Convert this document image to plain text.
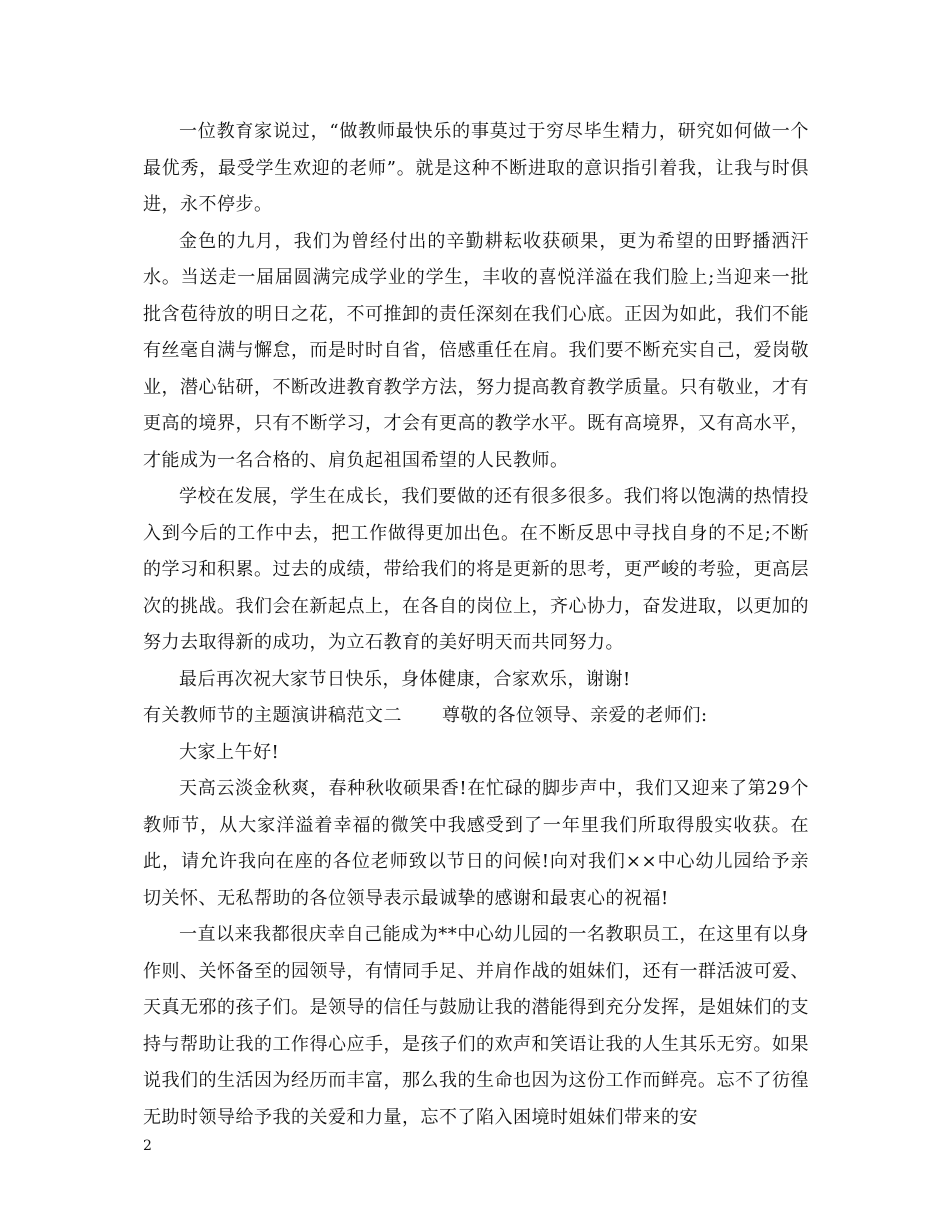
一位教育家说过，“做教师最快乐的事莫过于穷尽毕生精力，研究如何做一个最优秀，最受学生欢迎的老师”。就是这种不断进取的意识指引着我，让我与时俱进，永不停步。

金色的九月，我们为曾经付出的辛勤耕耘收获硕果，更为希望的田野播洒汗水。当送走一届届圆满完成学业的学生，丰收的喜悦洋溢在我们脸上;当迎来一批批含苞待放的明日之花，不可推卸的责任深刻在我们心底。正因为如此，我们不能有丝毫自满与懈怠，而是时时自省，倍感重任在肩。我们要不断充实自己，爱岗敬业，潜心钻研，不断改进教育教学方法，努力提高教育教学质量。只有敬业，才有更高的境界，只有不断学习，才会有更高的教学水平。既有高境界，又有高水平，才能成为一名合格的、肩负起祖国希望的人民教师。

学校在发展，学生在成长，我们要做的还有很多很多。我们将以饱满的热情投入到今后的工作中去，把工作做得更加出色。在不断反思中寻找自身的不足;不断的学习和积累。过去的成绩，带给我们的将是更新的思考，更严峻的考验，更高层次的挑战。我们会在新起点上，在各自的岗位上，齐心协力，奋发进取，以更加的努力去取得新的成功，为立石教育的美好明天而共同努力。

最后再次祝大家节日快乐，身体健康，合家欢乐，谢谢!

有关教师节的主题演讲稿范文二 尊敬的各位领导、亲爱的老师们:

大家上午好!

天高云淡金秋爽，春种秋收硕果香!在忙碌的脚步声中，我们又迎来了第29个教师节，从大家洋溢着幸福的微笑中我感受到了一年里我们所取得殷实收获。在此，请允许我向在座的各位老师致以节日的问候!向对我们××中心幼儿园给予亲切关怀、无私帮助的各位领导表示最诚挚的感谢和最衷心的祝福!

一直以来我都很庆幸自己能成为**中心幼儿园的一名教职员工，在这里有以身作则、关怀备至的园领导，有情同手足、并肩作战的姐妹们，还有一群活波可爱、天真无邪的孩子们。是领导的信任与鼓励让我的潜能得到充分发挥，是姐妹们的支持与帮助让我的工作得心应手，是孩子们的欢声和笑语让我的人生其乐无穷。如果说我们的生活因为经历而丰富，那么我的生命也因为这份工作而鲜亮。忘不了彷徨无助时领导给予我的关爱和力量，忘不了陷入困境时姐妹们带来的安

2
